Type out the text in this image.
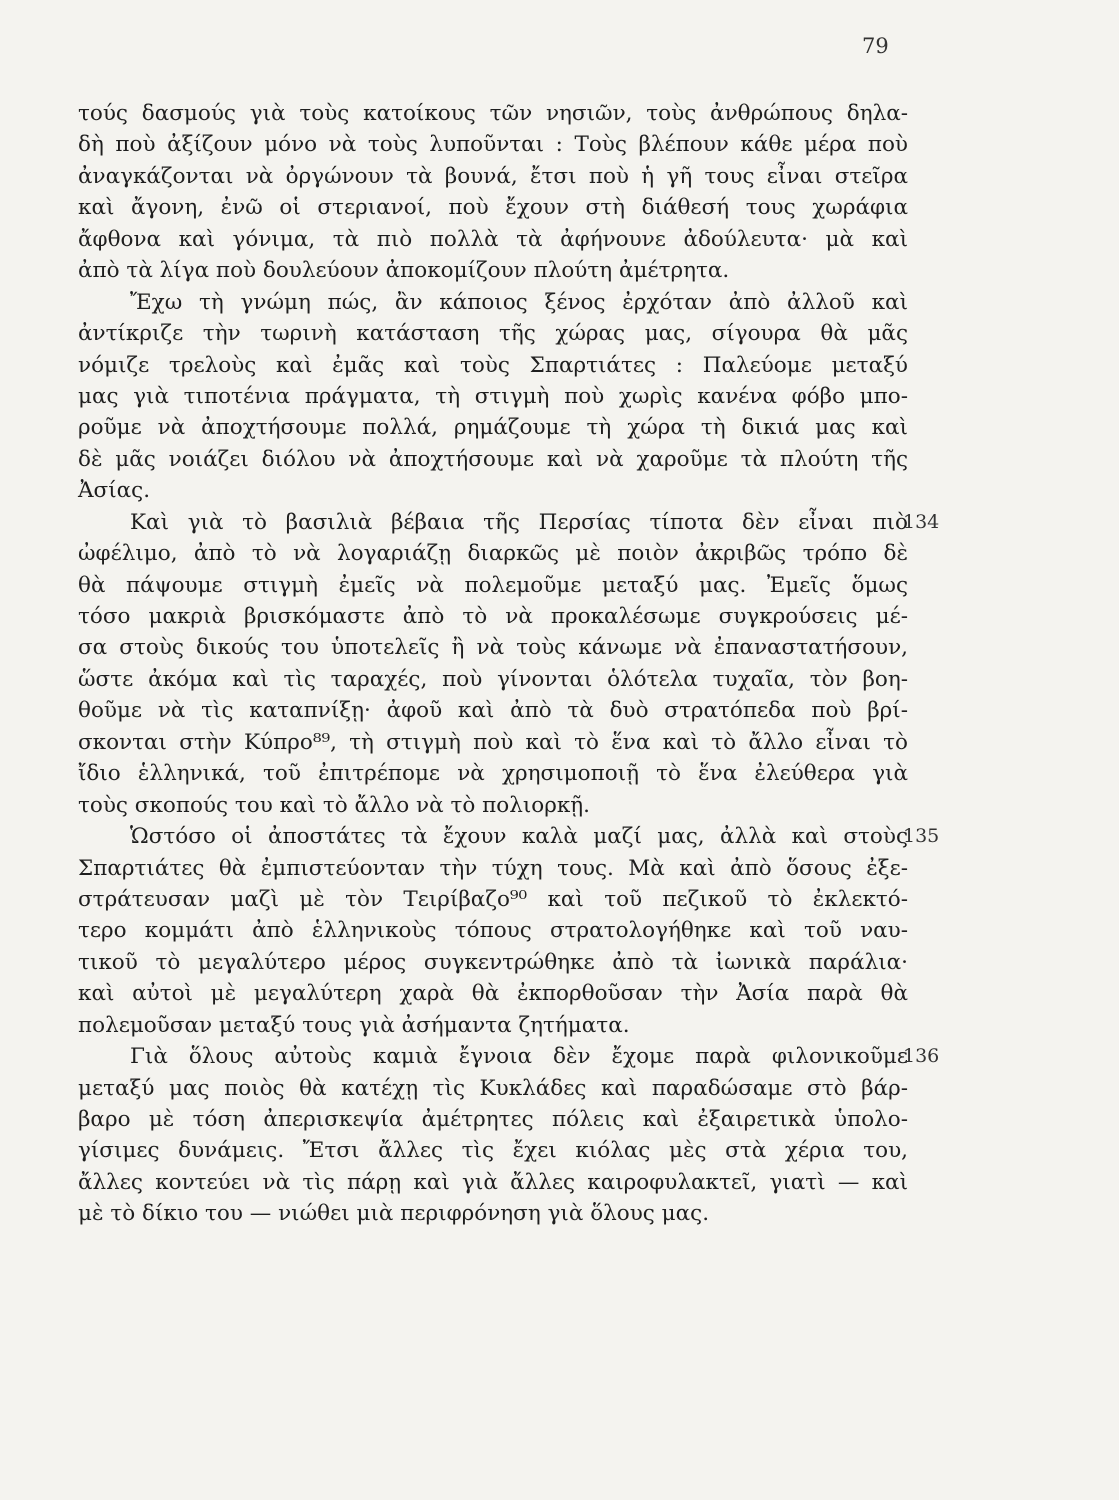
79
τούς δασμούς γιὰ τοὺς κατοίκους τῶν νησιῶν, τοὺς ἀνθρώπους δηλα-
δὴ ποὺ ἀξίζουν μόνο νὰ τοὺς λυποῦνται : Τοὺς βλέπουν κάθε μέρα ποὺ
ἀναγκάζονται νὰ ὀργώνουν τὰ βουνά, ἔτσι ποὺ ἡ γῆ τους εἶναι στεῖρα
καὶ ἄγονη, ἐνῶ οἱ στεριανοί, ποὺ ἔχουν στὴ διάθεσή τους χωράφια
ἄφθονα καὶ γόνιμα, τὰ πιὸ πολλὰ τὰ ἀφήνουνε ἀδούλευτα· μὰ καὶ
ἀπὸ τὰ λίγα ποὺ δουλεύουν ἀποκομίζουν πλούτη ἀμέτρητα.
Ἔχω τὴ γνώμη πώς, ἂν κάποιος ξένος ἐρχόταν ἀπὸ ἀλλοῦ καὶ
ἀντίκριζε τὴν τωρινὴ κατάσταση τῆς χώρας μας, σίγουρα θὰ μᾶς
νόμιζε τρελοὺς καὶ ἐμᾶς καὶ τοὺς Σπαρτιάτες : Παλεύομε μεταξύ
μας γιὰ τιποτένια πράγματα, τὴ στιγμὴ ποὺ χωρὶς κανένα φόβο μπο-
ροῦμε νὰ ἀποχτήσουμε πολλά, ρημάζουμε τὴ χώρα τὴ δικιά μας καὶ
δὲ μᾶς νοιάζει διόλου νὰ ἀποχτήσουμε καὶ νὰ χαροῦμε τὰ πλούτη τῆς
Ἀσίας.
Καὶ γιὰ τὸ βασιλιὰ βέβαια τῆς Περσίας τίποτα δὲν εἶναι πιὸ
134
ὠφέλιμο, ἀπὸ τὸ νὰ λογαριάζῃ διαρκῶς μὲ ποιὸν ἀκριβῶς τρόπο δὲ
θὰ πάψουμε στιγμὴ ἐμεῖς νὰ πολεμοῦμε μεταξύ μας. Ἐμεῖς ὅμως
τόσο μακριὰ βρισκόμαστε ἀπὸ τὸ νὰ προκαλέσωμε συγκρούσεις μέ-
σα στοὺς δικούς του ὑποτελεῖς ἢ νὰ τοὺς κάνωμε νὰ ἐπαναστατήσουν,
ὥστε ἀκόμα καὶ τὶς ταραχές, ποὺ γίνονται ὁλότελα τυχαῖα, τὸν βοη-
θοῦμε νὰ τὶς καταπνίξῃ· ἀφοῦ καὶ ἀπὸ τὰ δυὸ στρατόπεδα ποὺ βρί-
σκονται στὴν Κύπρο⁸⁹, τὴ στιγμὴ ποὺ καὶ τὸ ἕνα καὶ τὸ ἄλλο εἶναι τὸ
ἴδιο ἑλληνικά, τοῦ ἐπιτρέπομε νὰ χρησιμοποιῇ τὸ ἕνα ἐλεύθερα γιὰ
τοὺς σκοπούς του καὶ τὸ ἄλλο νὰ τὸ πολιορκῇ.
Ὡστόσο οἱ ἀποστάτες τὰ ἔχουν καλὰ μαζί μας, ἀλλὰ καὶ στοὺς
135
Σπαρτιάτες θὰ ἐμπιστεύονταν τὴν τύχη τους. Μὰ καὶ ἀπὸ ὅσους ἐξε-
στράτευσαν μαζὶ μὲ τὸν Τειρίβαζο⁹⁰ καὶ τοῦ πεζικοῦ τὸ ἐκλεκτό-
τερο κομμάτι ἀπὸ ἑλληνικοὺς τόπους στρατολογήθηκε καὶ τοῦ ναυ-
τικοῦ τὸ μεγαλύτερο μέρος συγκεντρώθηκε ἀπὸ τὰ ἰωνικὰ παράλια·
καὶ αὐτοὶ μὲ μεγαλύτερη χαρὰ θὰ ἐκπορθοῦσαν τὴν Ἀσία παρὰ θὰ
πολεμοῦσαν μεταξύ τους γιὰ ἀσήμαντα ζητήματα.
Γιὰ ὅλους αὐτοὺς καμιὰ ἔγνοια δὲν ἔχομε παρὰ φιλονικοῦμε
136
μεταξύ μας ποιὸς θὰ κατέχῃ τὶς Κυκλάδες καὶ παραδώσαμε στὸ βάρ-
βαρο μὲ τόση ἀπερισκεψία ἀμέτρητες πόλεις καὶ ἐξαιρετικὰ ὑπολο-
γίσιμες δυνάμεις. Ἔτσι ἄλλες τὶς ἔχει κιόλας μὲς στὰ χέρια του,
ἄλλες κοντεύει νὰ τὶς πάρῃ καὶ γιὰ ἄλλες καιροφυλακτεῖ, γιατὶ — καὶ
μὲ τὸ δίκιο του — νιώθει μιὰ περιφρόνηση γιὰ ὅλους μας.
